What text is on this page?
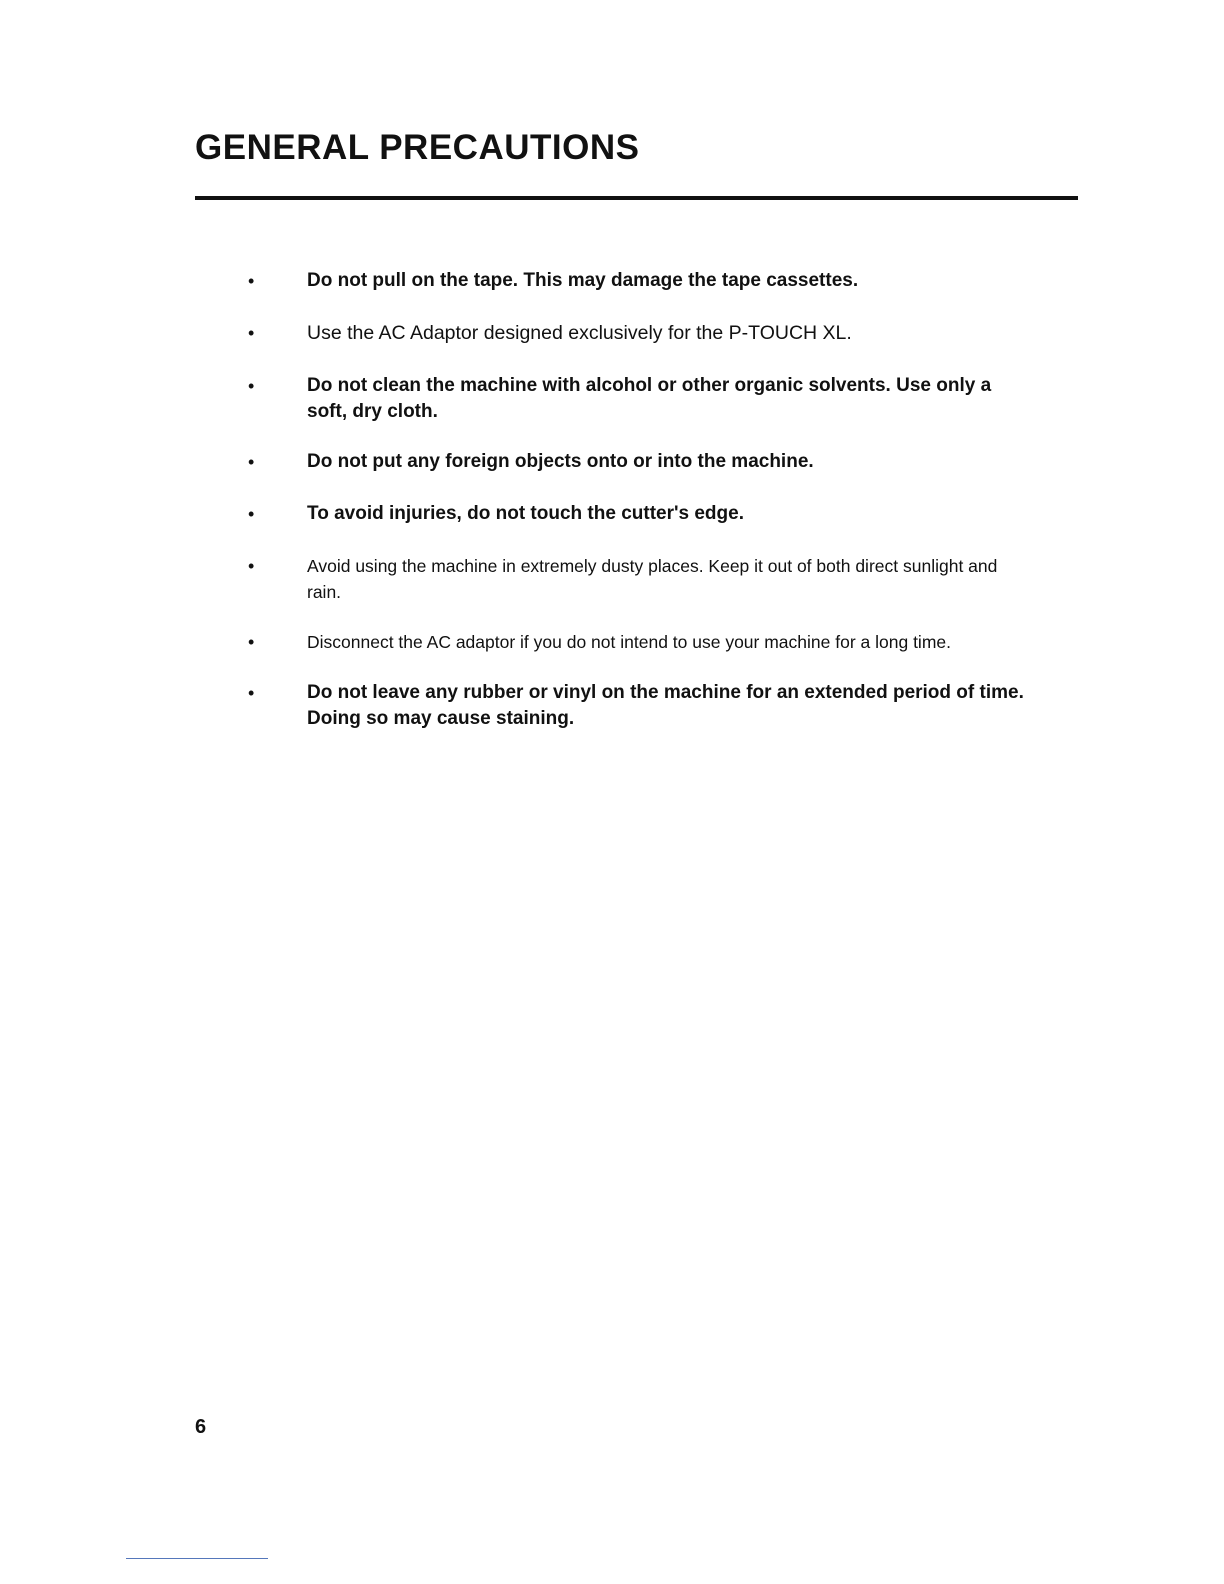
GENERAL PRECAUTIONS
•	Do not pull on the tape. This may damage the tape cassettes.
•	Use the AC Adaptor designed exclusively for the P-TOUCH XL.
•	Do not clean the machine with alcohol or other organic solvents. Use only a soft, dry cloth.
•	Do not put any foreign objects onto or into the machine.
•	To avoid injuries, do not touch the cutter's edge.
•	Avoid using the machine in extremely dusty places. Keep it out of both direct sunlight and rain.
•	Disconnect the AC adaptor if you do not intend to use your machine for a long time.
•	Do not leave any rubber or vinyl on the machine for an extended period of time. Doing so may cause staining.
6
